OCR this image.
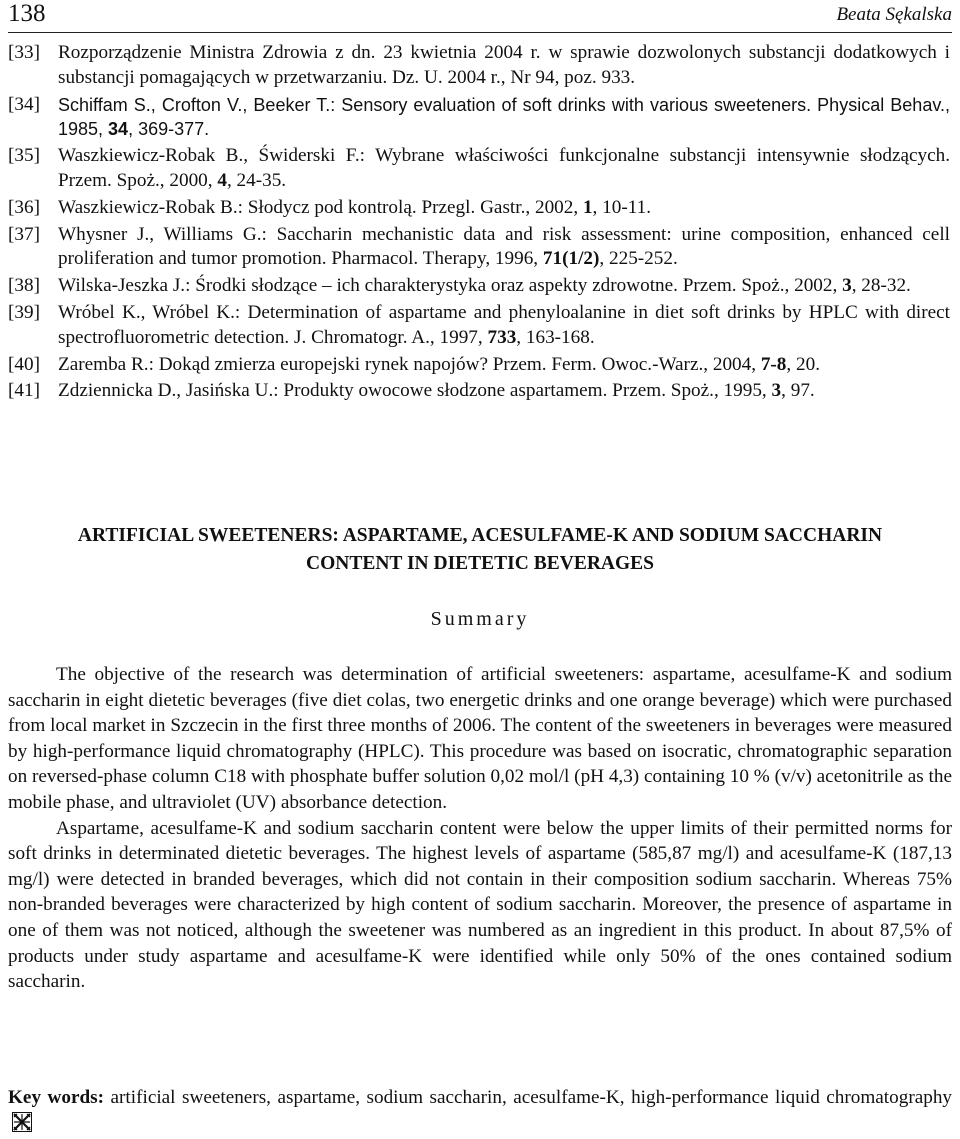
138	Beata Sękalska
[33] Rozporządzenie Ministra Zdrowia z dn. 23 kwietnia 2004 r. w sprawie dozwolonych substancji dodatkowych i substancji pomagających w przetwarzaniu. Dz. U. 2004 r., Nr 94, poz. 933.
[34]	Schiffam S., Crofton V., Beeker T.: Sensory evaluation of soft drinks with various sweeteners. Physical Behav., 1985, 34, 369-377.
[35] Waszkiewicz-Robak B., Świderski F.: Wybrane właściwości funkcjonalne substancji intensywnie słodzących. Przem. Spoż., 2000, 4, 24-35.
[36] Waszkiewicz-Robak B.: Słodycz pod kontrolą. Przegl. Gastr., 2002, 1, 10-11.
[37] Whysner J., Williams G.: Saccharin mechanistic data and risk assessment: urine composition, enhanced cell proliferation and tumor promotion. Pharmacol. Therapy, 1996, 71(1/2), 225-252.
[38] Wilska-Jeszka J.: Środki słodzące – ich charakterystyka oraz aspekty zdrowotne. Przem. Spoż., 2002, 3, 28-32.
[39] Wróbel K., Wróbel K.: Determination of aspartame and phenyloalanine in diet soft drinks by HPLC with direct spectrofluorometric detection. J. Chromatogr. A., 1997, 733, 163-168.
[40] Zaremba R.: Dokąd zmierza europejski rynek napojów? Przem. Ferm. Owoc.-Warz., 2004, 7-8, 20.
[41] Zdziennicka D., Jasińska U.: Produkty owocowe słodzone aspartamem. Przem. Spoż., 1995, 3, 97.
ARTIFICIAL SWEETENERS: ASPARTAME, ACESULFAME-K AND SODIUM SACCHARIN
CONTENT IN DIETETIC BEVERAGES
Summary

The objective of the research was determination of artificial sweeteners: aspartame, acesulfame-K and sodium saccharin in eight dietetic beverages (five diet colas, two energetic drinks and one orange beverage) which were purchased from local market in Szczecin in the first three months of 2006. The content of the sweeteners in beverages were measured by high-performance liquid chromatography (HPLC). This procedure was based on isocratic, chromatographic separation on reversed-phase column C18 with phosphate buffer solution 0,02 mol/l (pH 4,3) containing 10 % (v/v) acetonitrile as the mobile phase, and ultraviolet (UV) absorbance detection.

Aspartame, acesulfame-K and sodium saccharin content were below the upper limits of their permitted norms for soft drinks in determinated dietetic beverages. The highest levels of aspartame (585,87 mg/l) and acesulfame-K (187,13 mg/l) were detected in branded beverages, which did not contain in their composition sodium saccharin. Whereas 75% non-branded beverages were characterized by high content of sodium saccharin. Moreover, the presence of aspartame in one of them was not noticed, although the sweetener was numbered as an ingredient in this product. In about 87,5% of products under study aspartame and acesulfame-K were identified while only 50% of the ones contained sodium saccharin.

Key words: artificial sweeteners, aspartame, sodium saccharin, acesulfame-K, high-performance liquid chromatography
